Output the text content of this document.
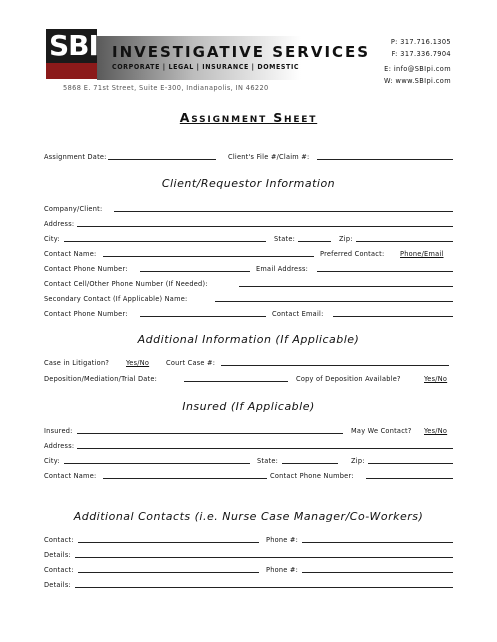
SBI INVESTIGATIVE SERVICES
CORPORATE | LEGAL | INSURANCE | DOMESTIC
5868 E. 71st Street, Suite E-300, Indianapolis, IN 46220
P: 317.716.1305
F: 317.336.7904
E: info@SBIpi.com
W: www.SBIpi.com
Assignment Sheet
Assignment Date:	Client's File #/Claim #:
Client/Requestor Information
Company/Client:
Address:
City:	State:	Zip:
Contact Name:	Preferred Contact: Phone/Email
Contact Phone Number:	Email Address:
Contact Cell/Other Phone Number (If Needed):
Secondary Contact (If Applicable) Name:
Contact Phone Number:	Contact Email:
Additional Information (If Applicable)
Case in Litigation? Yes/No Court Case #:
Deposition/Mediation/Trial Date:	Copy of Deposition Available?	Yes/No
Insured (If Applicable)
Insured:	May We Contact? Yes/No
Address:
City:	State:	Zip:
Contact Name:	Contact Phone Number:
Additional Contacts (i.e. Nurse Case Manager/Co-Workers)
Contact:	Phone #:
Details:
Contact:	Phone #:
Details:
